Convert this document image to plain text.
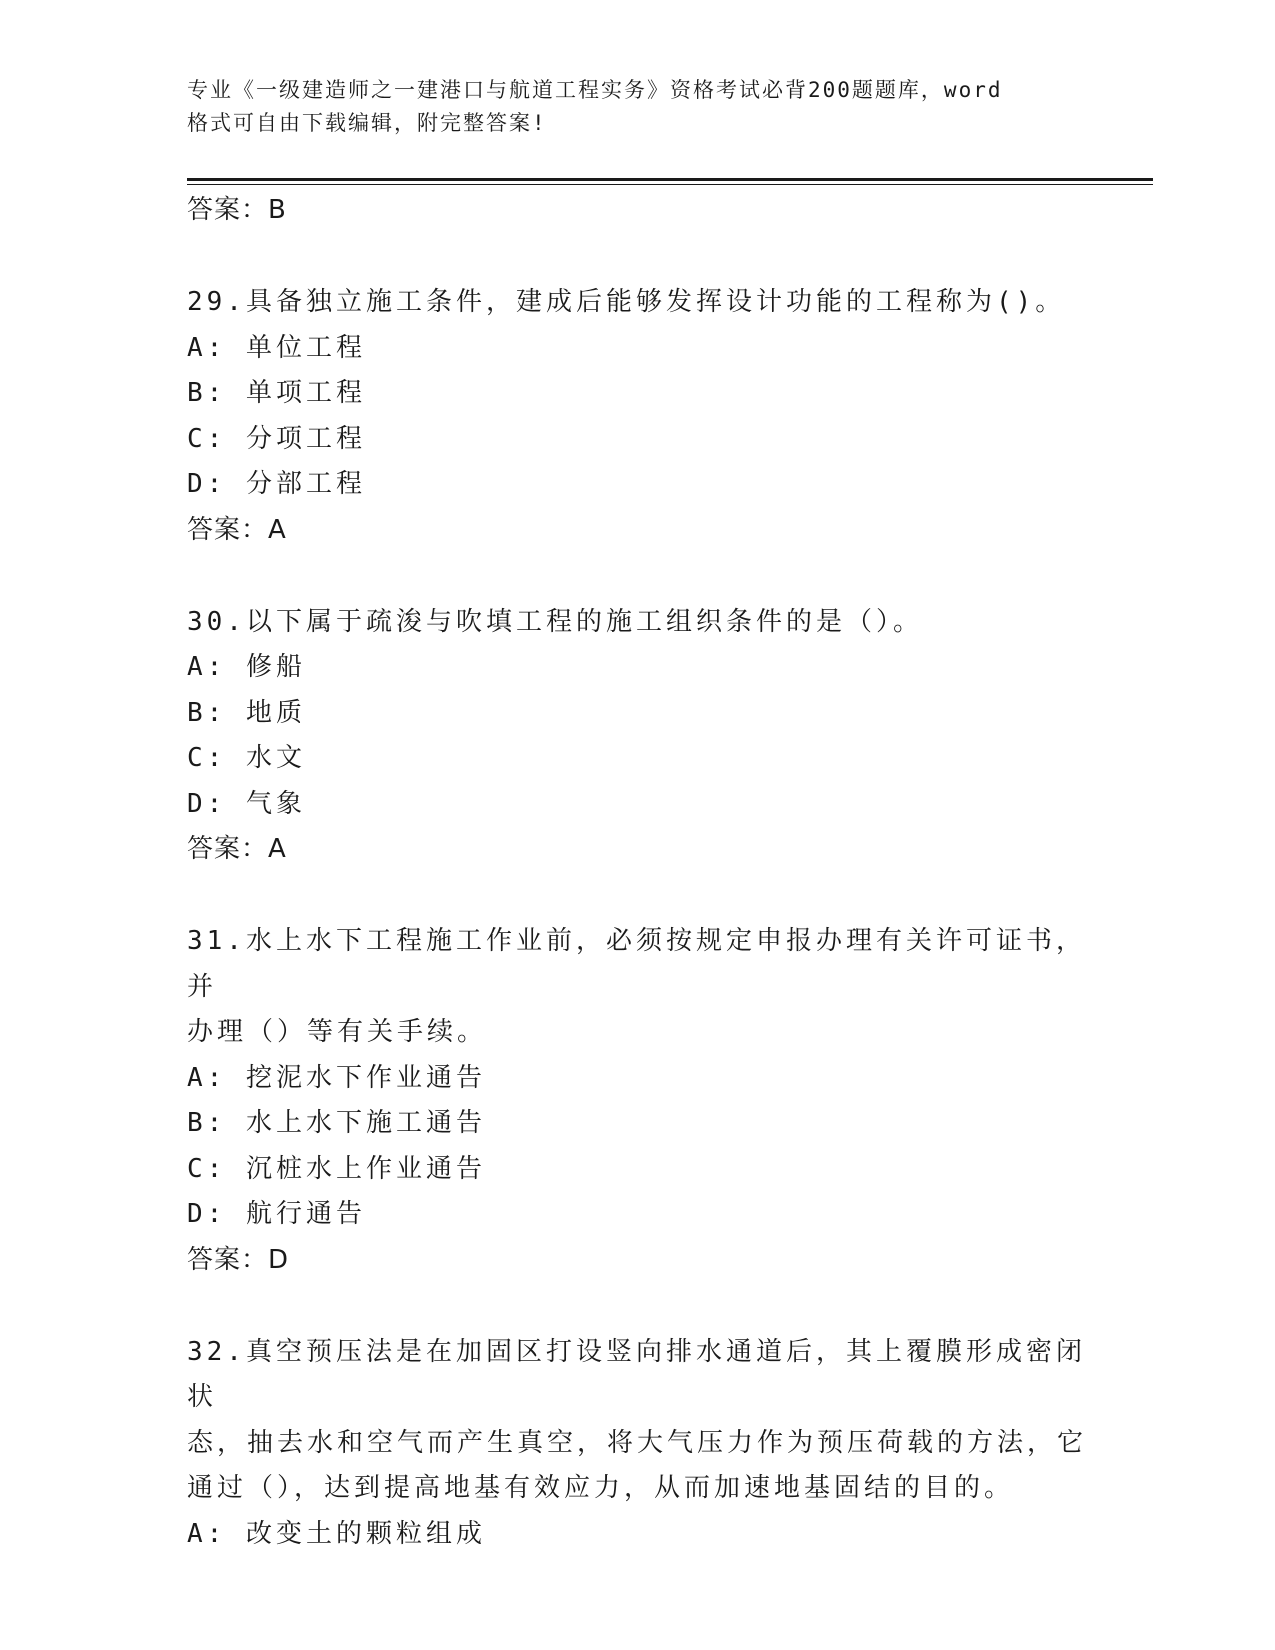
专业《一级建造师之一建港口与航道工程实务》资格考试必背200题题库，word
格式可自由下载编辑，附完整答案!
答案：B
29.具备独立施工条件，建成后能够发挥设计功能的工程称为()。
A: 单位工程
B: 单项工程
C: 分项工程
D: 分部工程
答案：A
30.以下属于疏浚与吹填工程的施工组织条件的是（）。
A: 修船
B: 地质
C: 水文
D: 气象
答案：A
31.水上水下工程施工作业前，必须按规定申报办理有关许可证书，并
办理（）等有关手续。
A: 挖泥水下作业通告
B: 水上水下施工通告
C: 沉桩水上作业通告
D: 航行通告
答案：D
32.真空预压法是在加固区打设竖向排水通道后，其上覆膜形成密闭状
态，抽去水和空气而产生真空，将大气压力作为预压荷载的方法，它
通过（），达到提高地基有效应力，从而加速地基固结的目的。
A: 改变土的颗粒组成
